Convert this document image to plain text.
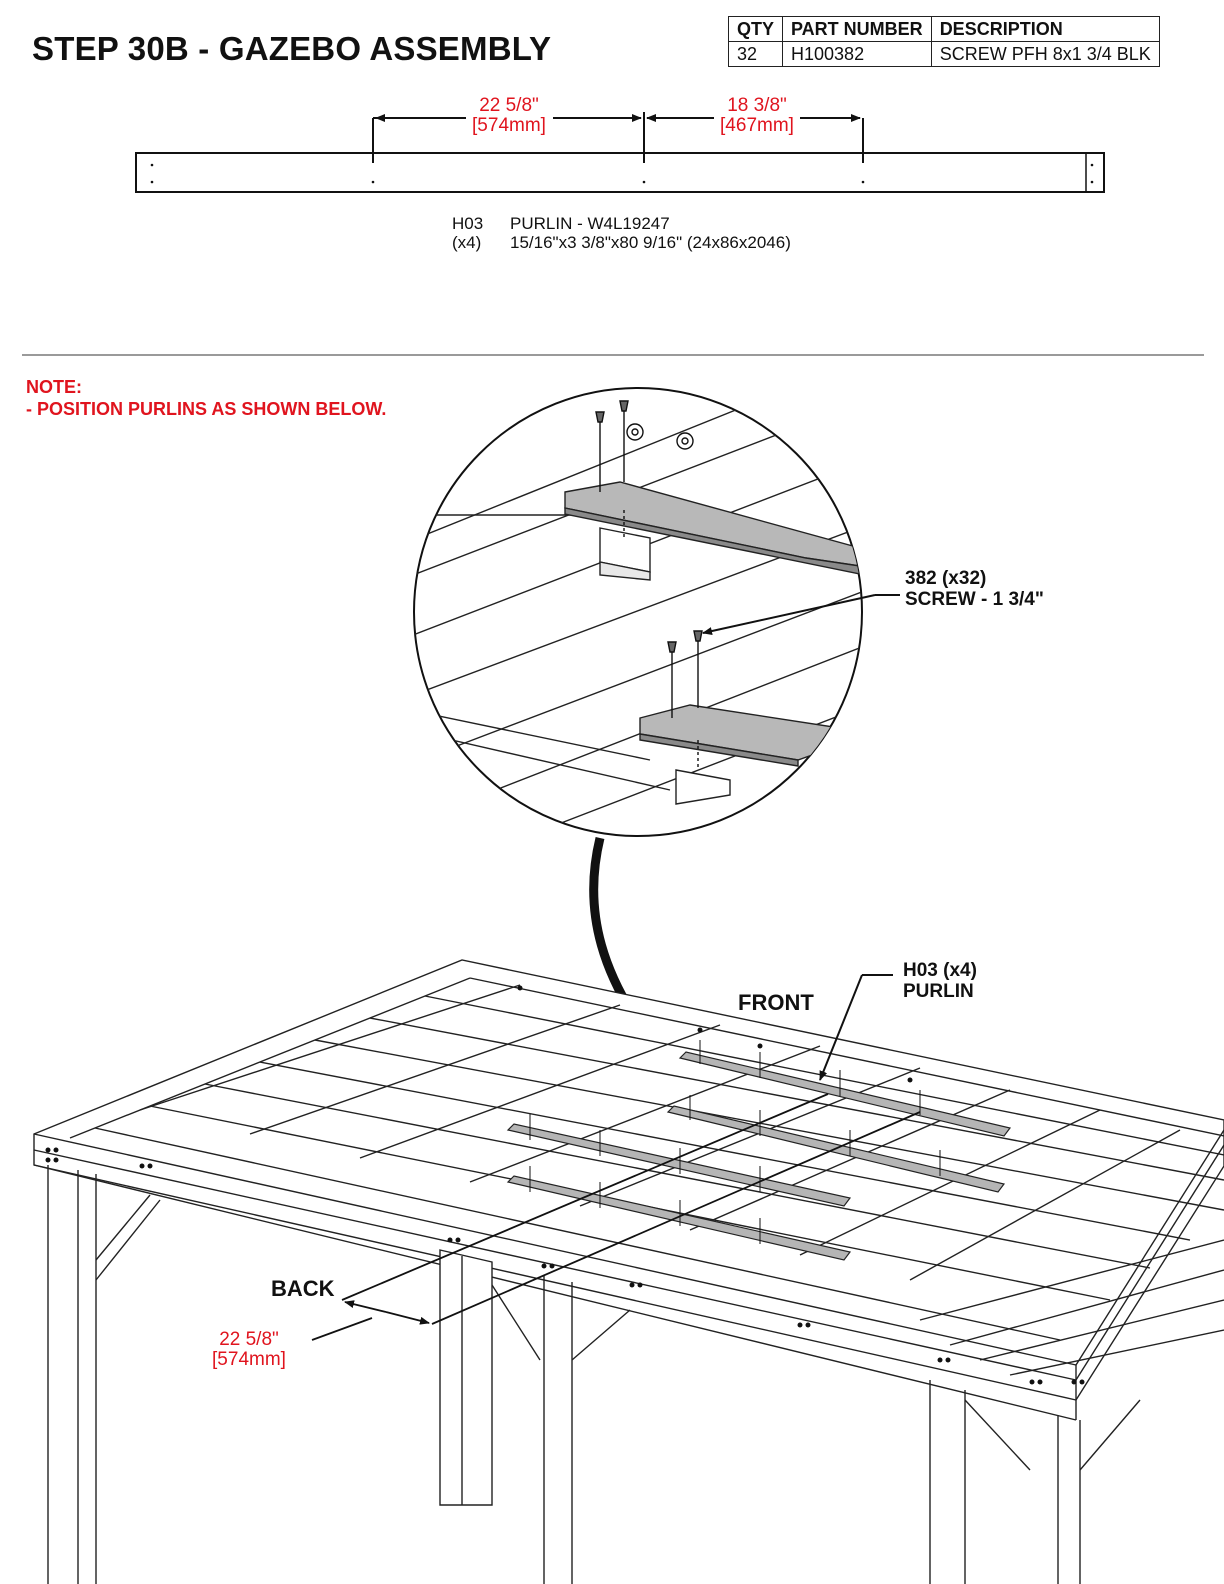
STEP 30B - GAZEBO ASSEMBLY
QTY	PART NUMBER	DESCRIPTION
32	H100382	SCREW PFH 8x1 3/4 BLK
22 5/8"
[574mm]
18 3/8"
[467mm]
H03 PURLIN - W4L19247
(x4) 15/16"x3 3/8"x80 9/16" (24x86x2046)
NOTE:
- POSITION PURLINS AS SHOWN BELOW.
382 (x32)
SCREW - 1 3/4"
FRONT
BACK
H03 (x4)
PURLIN
22 5/8"
[574mm]
